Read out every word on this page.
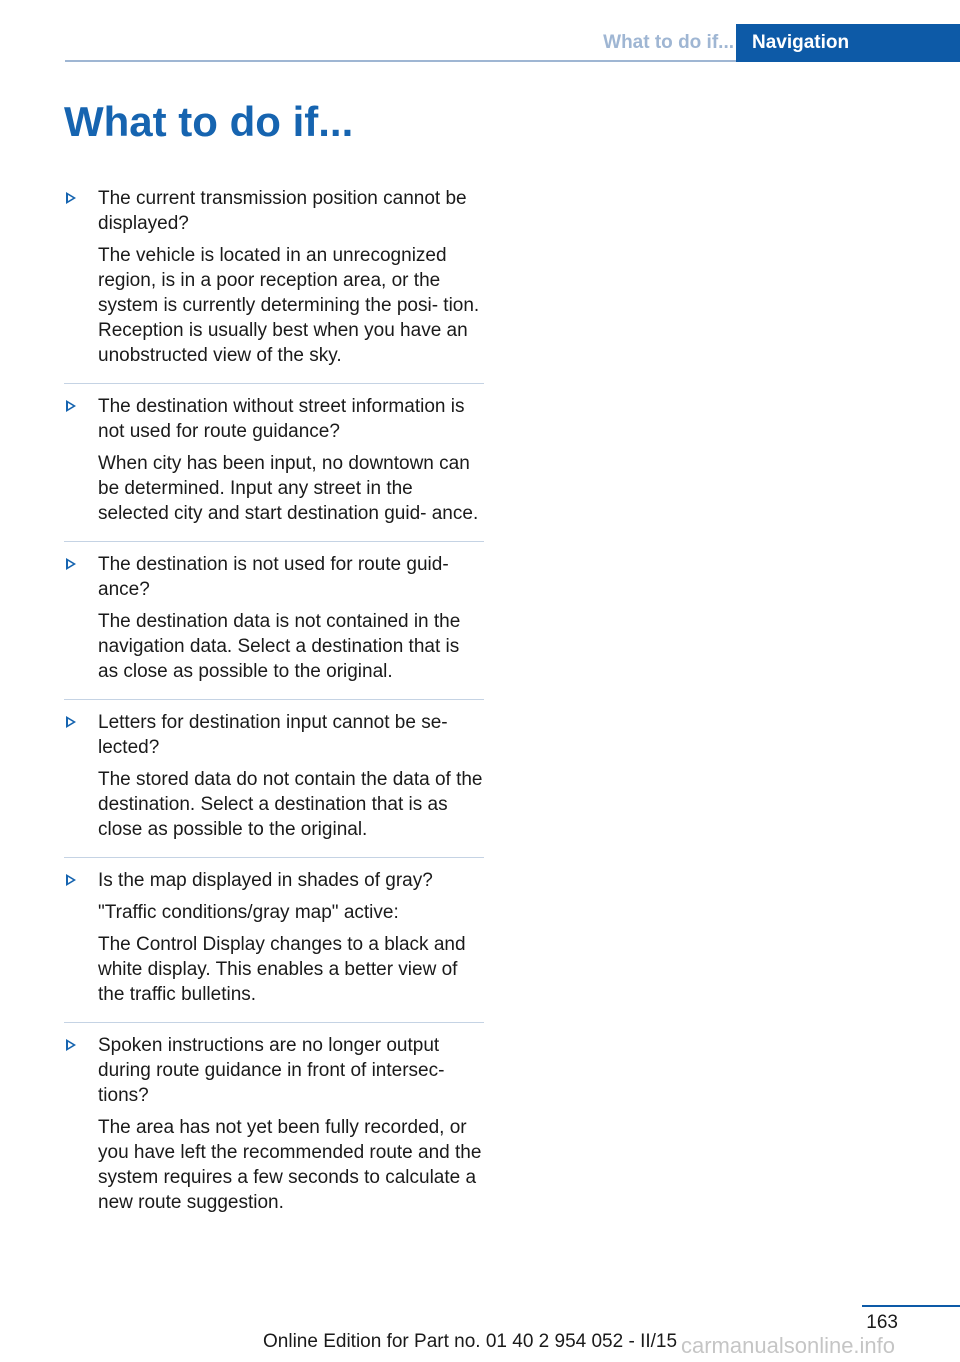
What to do if... Navigation
What to do if...

The current transmission position cannot be displayed?

The vehicle is located in an unrecognized region, is in a poor reception area, or the system is currently determining the posi‐ tion. Reception is usually best when you have an unobstructed view of the sky.

The destination without street information is not used for route guidance?

When city has been input, no downtown can be determined. Input any street in the selected city and start destination guid‐ ance.

The destination is not used for route guid‐ ance?

The destination data is not contained in the navigation data. Select a destination that is as close as possible to the original.

Letters for destination input cannot be se‐ lected?

The stored data do not contain the data of the destination. Select a destination that is as close as possible to the original.

Is the map displayed in shades of gray?

"Traffic conditions/gray map" active:

The Control Display changes to a black and white display. This enables a better view of the traffic bulletins.

Spoken instructions are no longer output during route guidance in front of intersec‐ tions?

The area has not yet been fully recorded, or you have left the recommended route and the system requires a few seconds to calculate a new route suggestion.

163
Online Edition for Part no. 01 40 2 954 052 - II/15 carmanualsonline.info
